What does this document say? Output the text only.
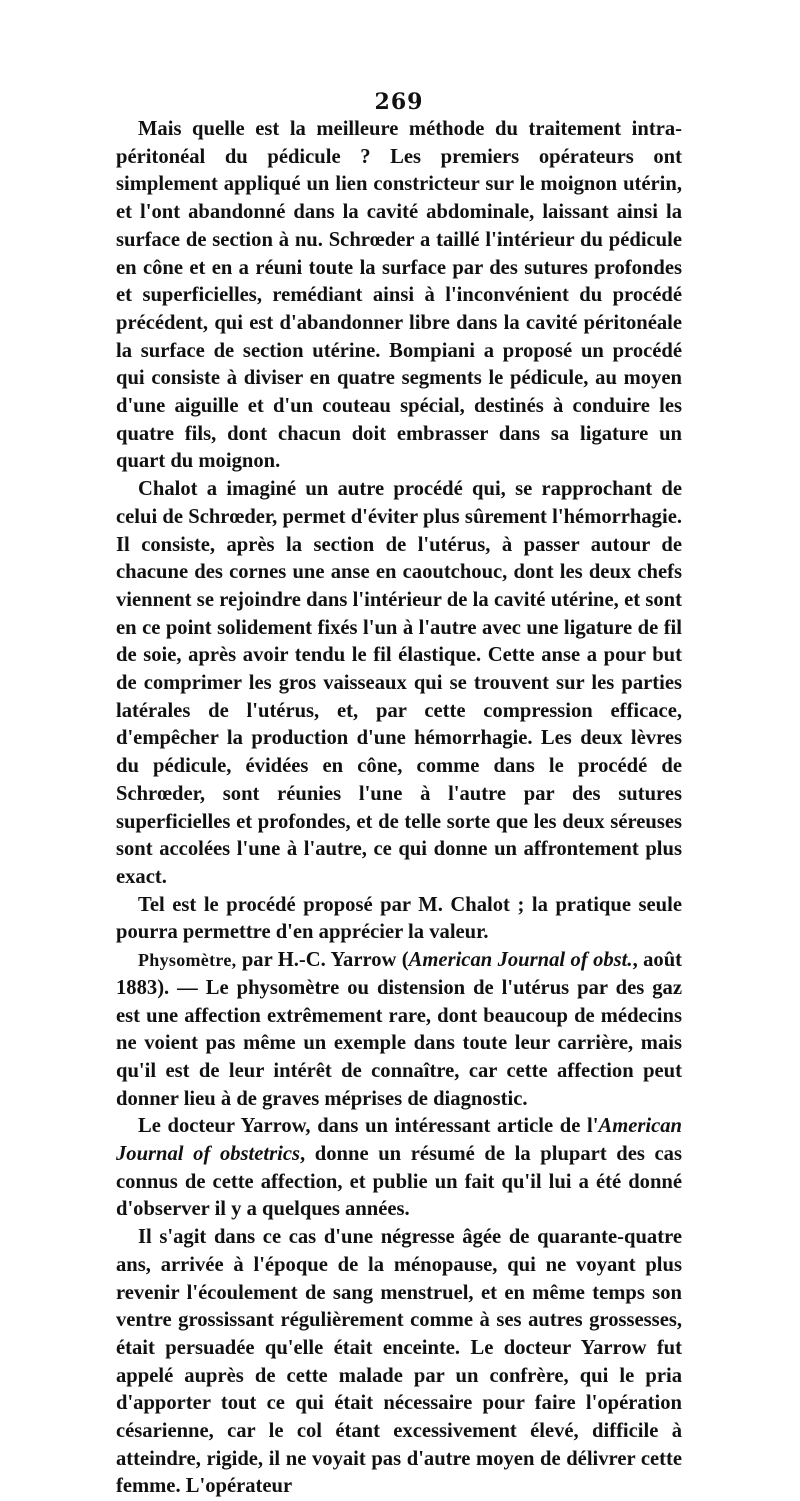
269

Mais quelle est la meilleure méthode du traitement intra-péritonéal du pédicule ? Les premiers opérateurs ont simplement appliqué un lien constricteur sur le moignon utérin, et l'ont abandonné dans la cavité abdominale, laissant ainsi la surface de section à nu. Schrœder a taillé l'intérieur du pédicule en cône et en a réuni toute la surface par des sutures profondes et superficielles, remédiant ainsi à l'inconvénient du procédé précédent, qui est d'abandonner libre dans la cavité péritonéale la surface de section utérine. Bompiani a proposé un procédé qui consiste à diviser en quatre segments le pédicule, au moyen d'une aiguille et d'un couteau spécial, destinés à conduire les quatre fils, dont chacun doit embrasser dans sa ligature un quart du moignon.

Chalot a imaginé un autre procédé qui, se rapprochant de celui de Schrœder, permet d'éviter plus sûrement l'hémorrhagie. Il consiste, après la section de l'utérus, à passer autour de chacune des cornes une anse en caoutchouc, dont les deux chefs viennent se rejoindre dans l'intérieur de la cavité utérine, et sont en ce point solidement fixés l'un à l'autre avec une ligature de fil de soie, après avoir tendu le fil élastique. Cette anse a pour but de comprimer les gros vaisseaux qui se trouvent sur les parties latérales de l'utérus, et, par cette compression efficace, d'empêcher la production d'une hémorrhagie. Les deux lèvres du pédicule, évidées en cône, comme dans le procédé de Schrœder, sont réunies l'une à l'autre par des sutures superficielles et profondes, et de telle sorte que les deux séreuses sont accolées l'une à l'autre, ce qui donne un affrontement plus exact.

Tel est le procédé proposé par M. Chalot ; la pratique seule pourra permettre d'en apprécier la valeur.

Physomètre, par H.-C. Yarrow (American Journal of obst., août 1883). — Le physomètre ou distension de l'utérus par des gaz est une affection extrêmement rare, dont beaucoup de médecins ne voient pas même un exemple dans toute leur carrière, mais qu'il est de leur intérêt de connaître, car cette affection peut donner lieu à de graves méprises de diagnostic.

Le docteur Yarrow, dans un intéressant article de l'American Journal of obstetrics, donne un résumé de la plupart des cas connus de cette affection, et publie un fait qu'il lui a été donné d'observer il y a quelques années.

Il s'agit dans ce cas d'une négresse âgée de quarante-quatre ans, arrivée à l'époque de la ménopause, qui ne voyant plus revenir l'écoulement de sang menstruel, et en même temps son ventre grossissant régulièrement comme à ses autres grossesses, était persuadée qu'elle était enceinte. Le docteur Yarrow fut appelé auprès de cette malade par un confrère, qui le pria d'apporter tout ce qui était nécessaire pour faire l'opération césarienne, car le col étant excessivement élevé, difficile à atteindre, rigide, il ne voyait pas d'autre moyen de délivrer cette femme. L'opérateur
